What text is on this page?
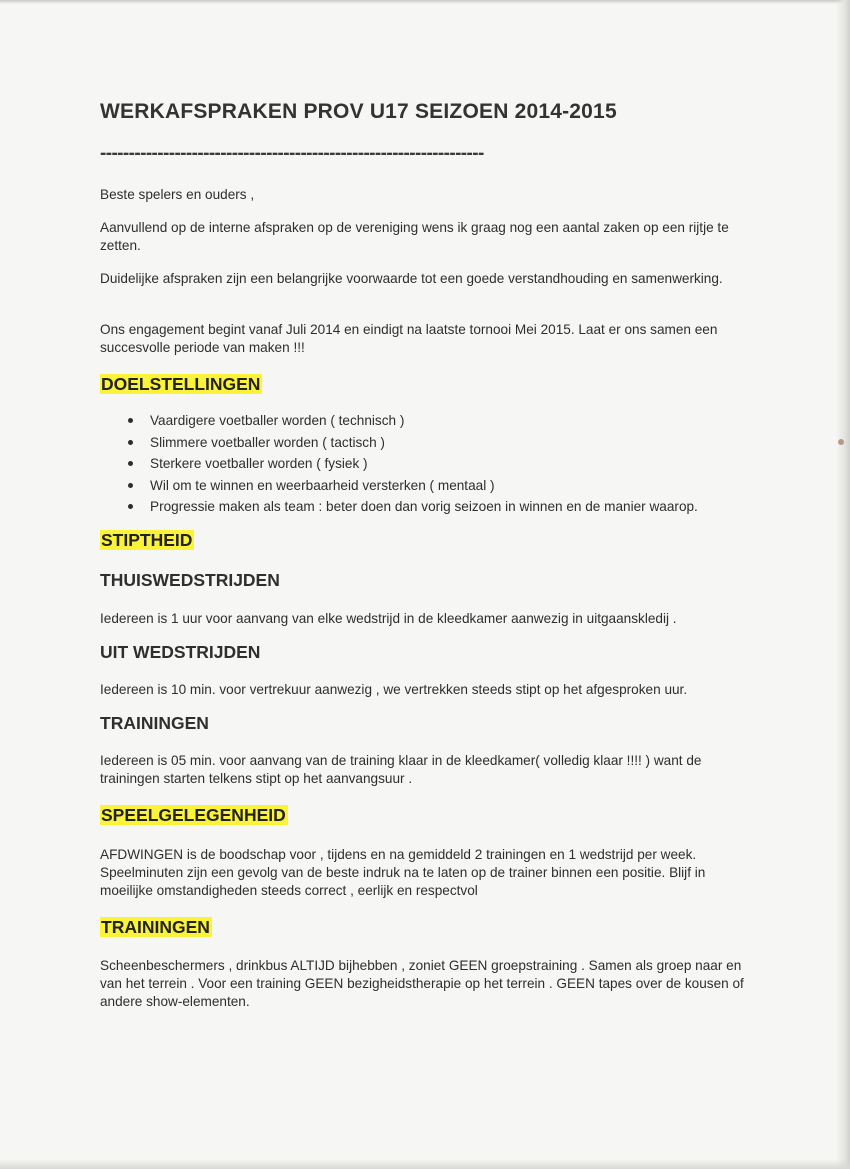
WERKAFSPRAKEN PROV U17 SEIZOEN 2014-2015
-------------------------------------------------------------------

Beste spelers en ouders ,

Aanvullend op de interne afspraken op de vereniging wens ik graag nog een aantal zaken op een rijtje te zetten.

Duidelijke afspraken zijn een belangrijke voorwaarde tot een goede verstandhouding en samenwerking.

Ons engagement begint vanaf Juli 2014 en eindigt na laatste tornooi Mei 2015. Laat er ons samen een succesvolle periode van maken !!!

DOELSTELLINGEN
Vaardigere voetballer worden ( technisch )
Slimmere voetballer worden ( tactisch )
Sterkere voetballer worden ( fysiek )
Wil om te winnen en weerbaarheid versterken ( mentaal )
Progressie maken als team : beter doen dan vorig seizoen in winnen en de manier waarop.
STIPTHEID
THUISWEDSTRIJDEN

Iedereen is 1 uur voor aanvang van elke wedstrijd in de kleedkamer aanwezig in uitgaanskledij .

UIT WEDSTRIJDEN

Iedereen is 10 min. voor vertrekuur aanwezig , we vertrekken steeds stipt op het afgesproken uur.

TRAININGEN

Iedereen is 05 min. voor aanvang van de training klaar in de kleedkamer( volledig klaar !!!! ) want de trainingen starten telkens stipt op het aanvangsuur .

SPEELGELEGENHEID

AFDWINGEN is de boodschap voor , tijdens en na gemiddeld 2 trainingen en 1 wedstrijd per week. Speelminuten zijn een gevolg van de beste indruk na te laten op de trainer binnen een positie. Blijf in moeilijke omstandigheden steeds correct , eerlijk en respectvol

TRAININGEN

Scheenbeschermers , drinkbus ALTIJD bijhebben , zoniet GEEN groepstraining . Samen als groep naar en van het terrein . Voor een training GEEN bezigheidstherapie op het terrein . GEEN tapes over de kousen of andere show-elementen.
